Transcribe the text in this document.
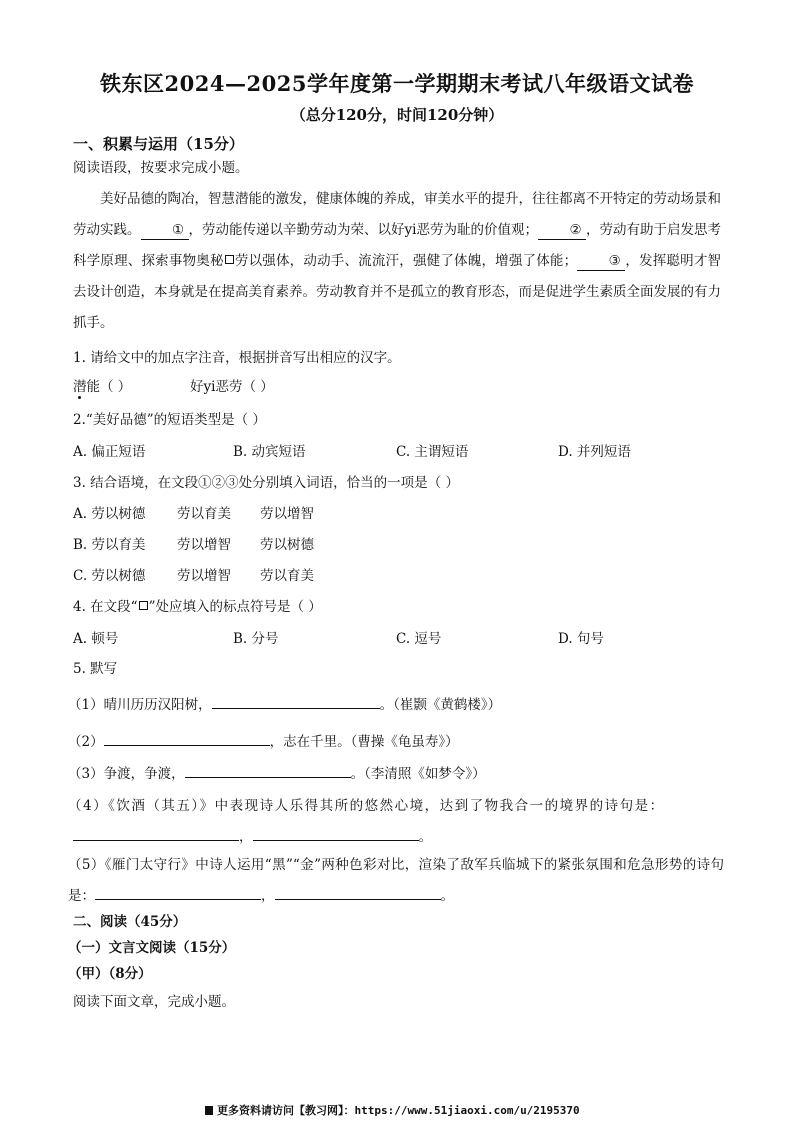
铁东区2024—2025学年度第一学期期末考试八年级语文试卷
（总分120分，时间120分钟）
一、积累与运用（15分）
阅读语段，按要求完成小题。
美好品德的陶冶，智慧潜能的激发，健康体魄的养成，审美水平的提升，往往都离不开特定的劳动场景和劳动实践。 ① ，劳动能传递以辛勤劳动为荣、以好yi恶劳为耻的价值观； ② ，劳动有助于启发思考科学原理、探索事物奥秘 劳以强体，动动手、流流汗，强健了体魄，增强了体能； ③ ，发挥聪明才智去设计创造，本身就是在提高美育素养。劳动教育并不是孤立的教育形态，而是促进学生素质全面发展的有力抓手。
1. 请给文中的加点字注音，根据拼音写出相应的汉字。
潜能（ ）	好yi恶劳（ ）
2.“美好品德”的短语类型是（ ）
A. 偏正短语	B. 动宾短语	C. 主谓短语	D. 并列短语
3. 结合语境，在文段①②③处分别填入词语，恰当的一项是（ ）
A. 劳以树德 劳以育美 劳以增智
B. 劳以育美 劳以增智 劳以树德
C. 劳以树德 劳以增智 劳以育美
4. 在文段“ ”处应填入的标点符号是（ ）
A. 顿号	B. 分号	C. 逗号	D. 句号
5. 默写
（1）晴川历历汉阳树，	。（崔颢《黄鹤楼》）
（2）	，志在千里。（曹操《龟虽寿》）
（3）争渡，争渡，	。（李清照《如梦令》）
（4）《饮酒（其五）》中表现诗人乐得其所的悠然心境，达到了物我合一的境界的诗句是：
，	。
（5）《雁门太守行》中诗人运用“黑”“金”两种色彩对比，渲染了敌军兵临城下的紧张氛围和危急形势的诗句是：	，	。
二、阅读（45分）
（一）文言文阅读（15分）
（甲）（8分）
阅读下面文章，完成小题。
更多资料请访问【教习网】：https://www.51jiaoxi.com/u/2195370
